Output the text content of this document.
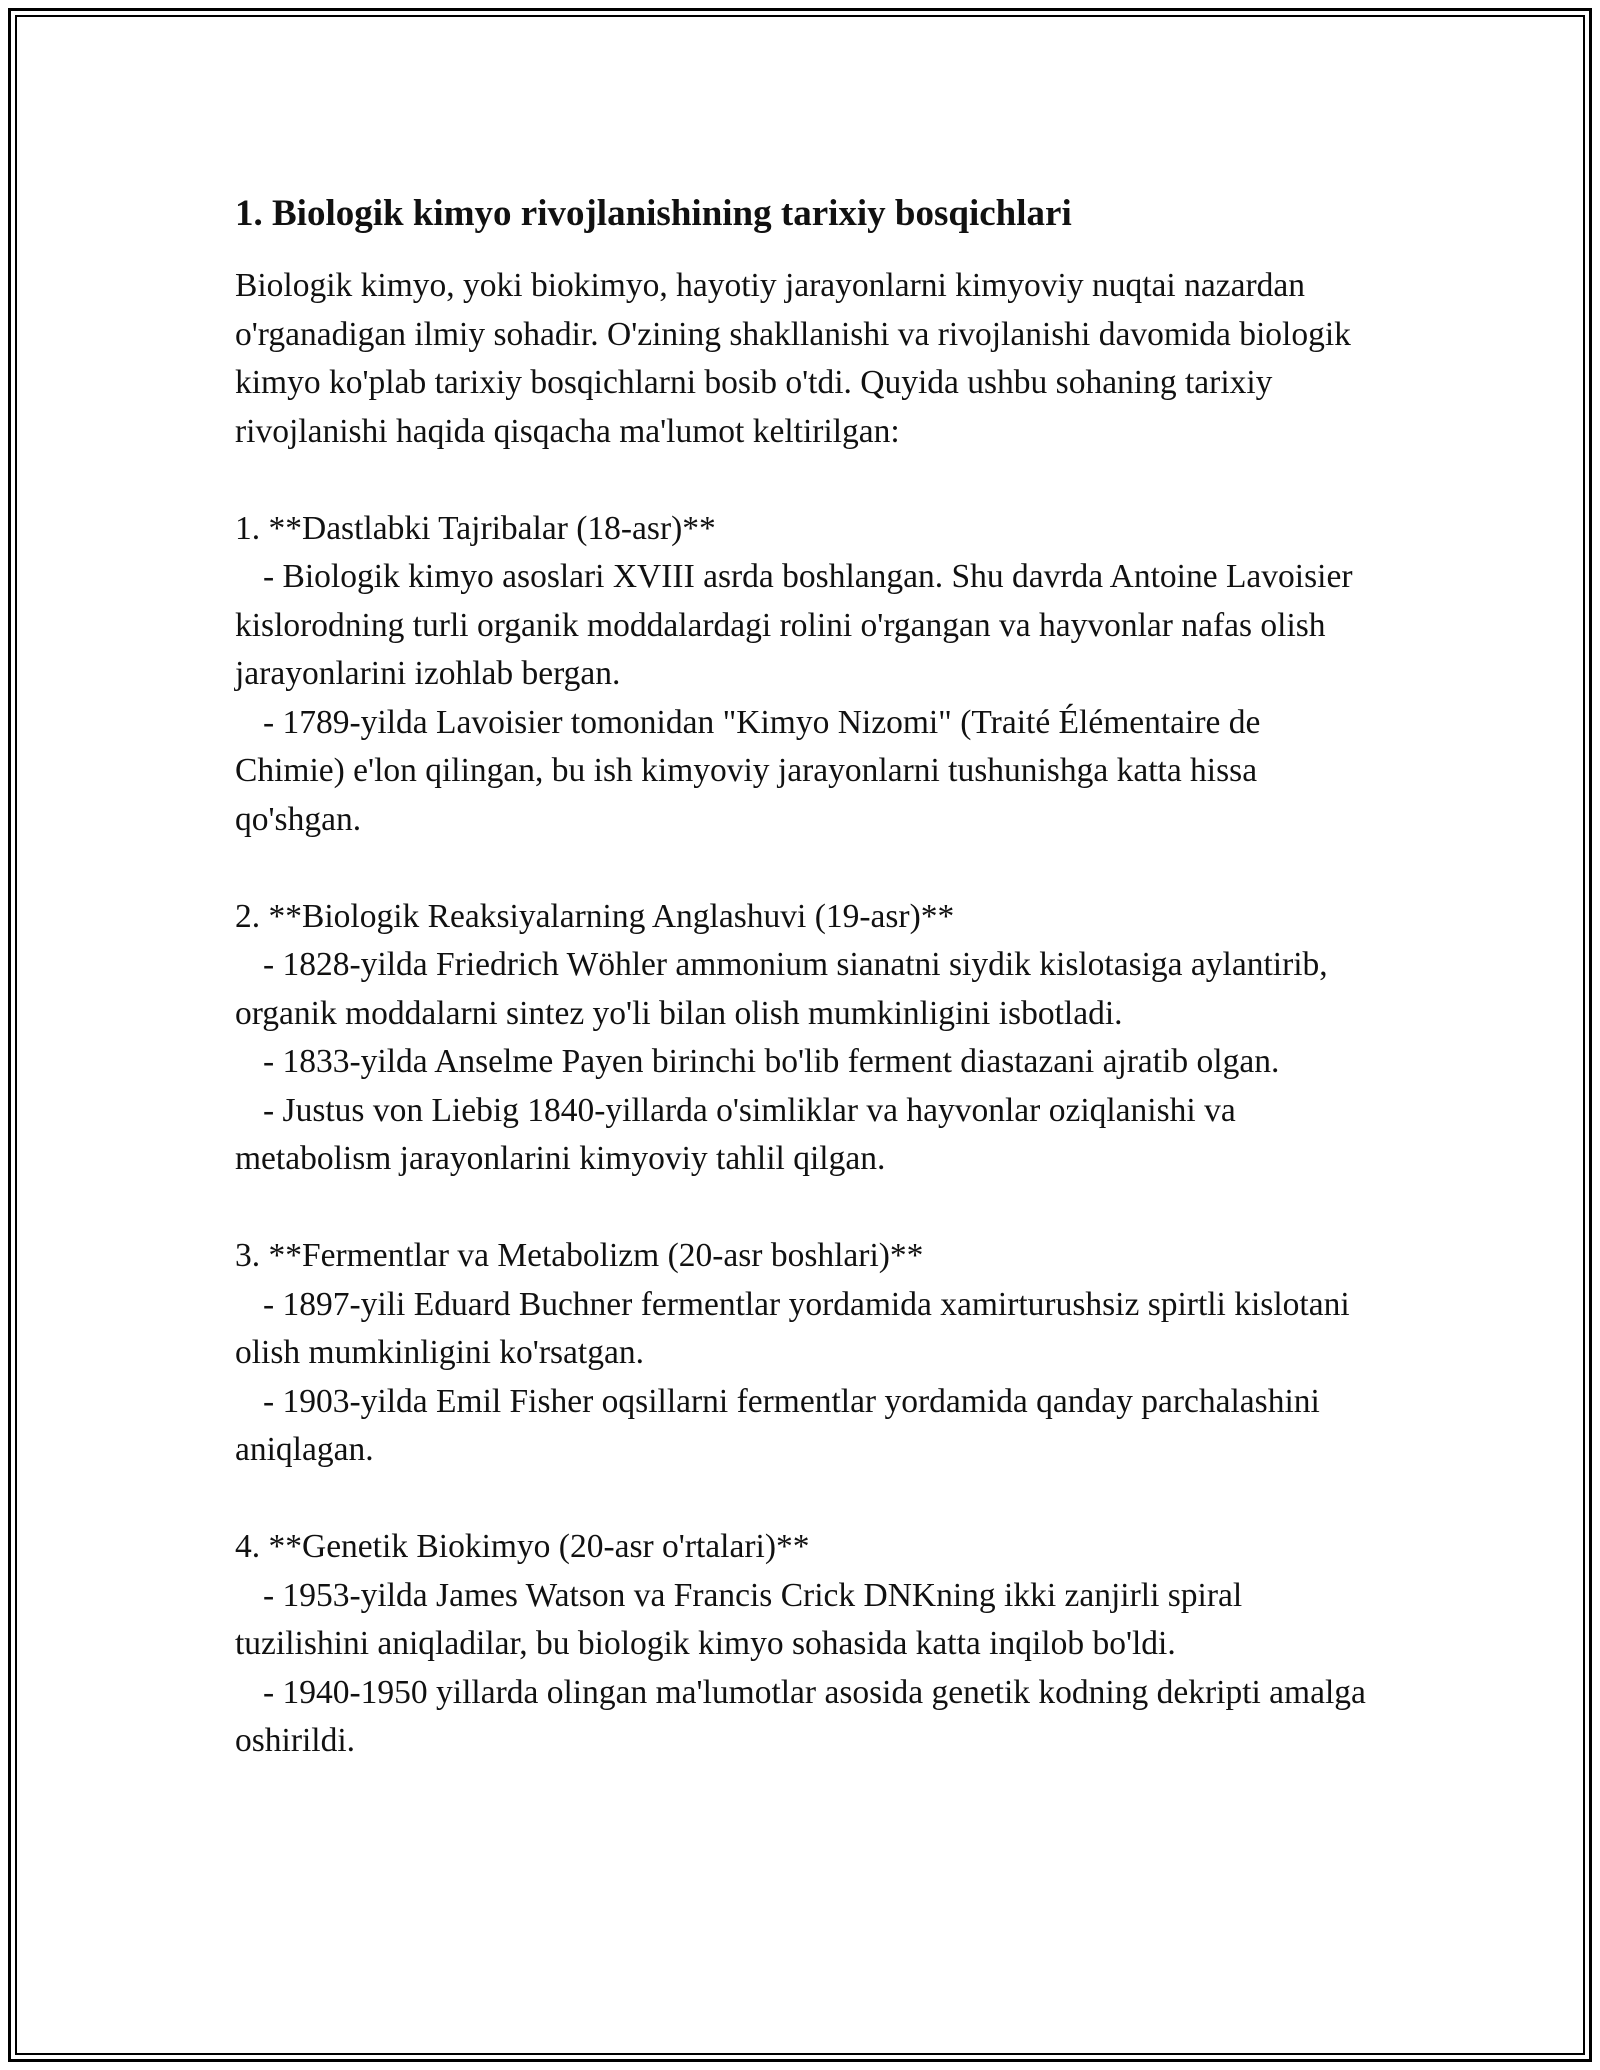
1. Biologik kimyo rivojlanishining tarixiy bosqichlari

Biologik kimyo, yoki biokimyo, hayotiy jarayonlarni kimyoviy nuqtai nazardan o'rganadigan ilmiy sohadir. O'zining shakllanishi va rivojlanishi davomida biologik kimyo ko'plab tarixiy bosqichlarni bosib o'tdi. Quyida ushbu sohaning tarixiy rivojlanishi haqida qisqacha ma'lumot keltirilgan:

1. **Dastlabki Tajribalar (18-asr)**

- Biologik kimyo asoslari XVIII asrda boshlangan. Shu davrda Antoine Lavoisier kislorodning turli organik moddalardagi rolini o'rgangan va hayvonlar nafas olish jarayonlarini izohlab bergan.

- 1789-yilda Lavoisier tomonidan "Kimyo Nizomi" (Traité Élémentaire de Chimie) e'lon qilingan, bu ish kimyoviy jarayonlarni tushunishga katta hissa qo'shgan.

2. **Biologik Reaksiyalarning Anglashuvi (19-asr)**

- 1828-yilda Friedrich Wöhler ammonium sianatni siydik kislotasiga aylantirib, organik moddalarni sintez yo'li bilan olish mumkinligini isbotladi.

- 1833-yilda Anselme Payen birinchi bo'lib ferment diastazani ajratib olgan.

- Justus von Liebig 1840-yillarda o'simliklar va hayvonlar oziqlanishi va metabolism jarayonlarini kimyoviy tahlil qilgan.

3. **Fermentlar va Metabolizm (20-asr boshlari)**

- 1897-yili Eduard Buchner fermentlar yordamida xamirturushsiz spirtli kislotani olish mumkinligini ko'rsatgan.

- 1903-yilda Emil Fisher oqsillarni fermentlar yordamida qanday parchalashini aniqlagan.

4. **Genetik Biokimyo (20-asr o'rtalari)**

- 1953-yilda James Watson va Francis Crick DNKning ikki zanjirli spiral tuzilishini aniqladilar, bu biologik kimyo sohasida katta inqilob bo'ldi.

- 1940-1950 yillarda olingan ma'lumotlar asosida genetik kodning dekripti amalga oshirildi.
